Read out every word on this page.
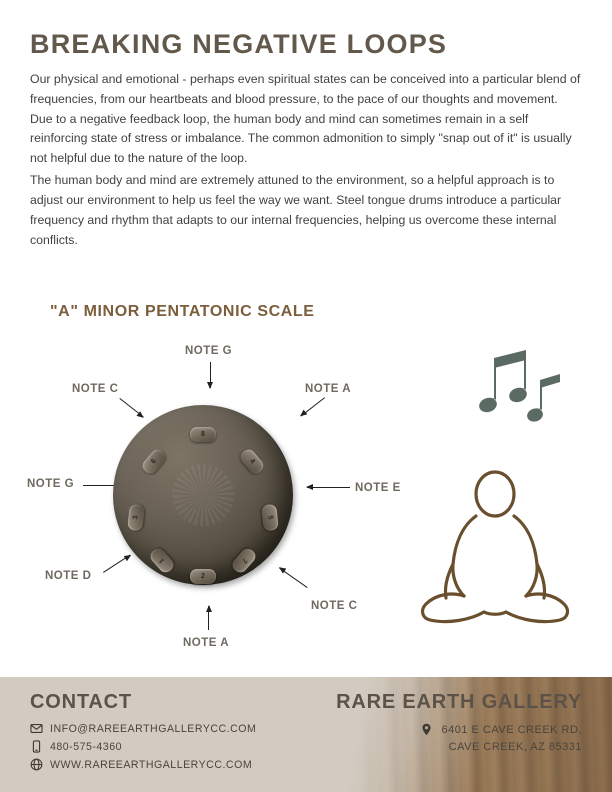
BREAKING NEGATIVE LOOPS

Our physical and emotional - perhaps even spiritual states can be conceived into a particular blend of frequencies, from our heartbeats and blood pressure, to the pace of our thoughts and movement. Due to a negative feedback loop, the human body and mind can sometimes remain in a self reinforcing state of stress or imbalance. The common admonition to simply "snap out of it" is usually not helpful due to the nature of the loop.

The human body and mind are extremely attuned to the environment, so a helpful approach is to adjust our environment to help us feel the way we want. Steel tongue drums introduce a particular frequency and rhythm that adapts to our internal frequencies, helping us overcome these internal conflicts.

"A" MINOR PENTATONIC SCALE
NOTE G
NOTE C	NOTE A
NOTE G	NOTE E
NOTE D
NOTE C
NOTE A
8
6	4
3	5
1	7
2
CONTACT
INFO@RAREEARTHGALLERYCC.COM
480-575-4360
WWW.RAREEARTHGALLERYCC.COM
RARE EARTH GALLERY
6401 E CAVE CREEK RD,
CAVE CREEK, AZ 85331
